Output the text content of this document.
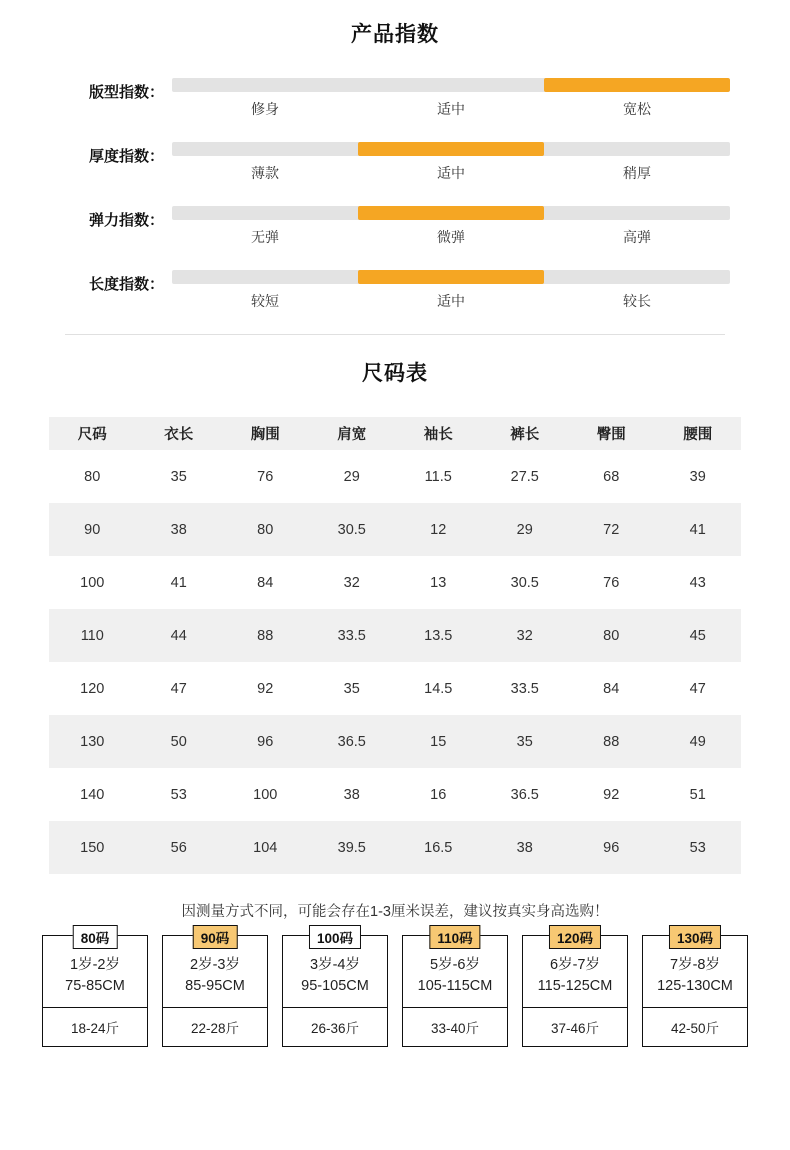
产品指数
版型指数：
修身	适中	宽松
厚度指数：
薄款	适中	稍厚
弹力指数：
无弹	微弹	高弹
长度指数：
较短	适中	较长
尺码表
尺码	衣长	胸围	肩宽	袖长	裤长	臀围	腰围
80	35	76	29	11.5	27.5	68	39
90	38	80	30.5	12	29	72	41
100	41	84	32	13	30.5	76	43
110	44	88	33.5	13.5	32	80	45
120	47	92	35	14.5	33.5	84	47
130	50	96	36.5	15	35	88	49
140	53	100	38	16	36.5	92	51
150	56	104	39.5	16.5	38	96	53

因测量方式不同，可能会存在1-3厘米误差，建议按真实身高选购！

80码
1岁-2岁
75-85CM
18-24斤
90码
2岁-3岁
85-95CM
22-28斤
100码
3岁-4岁
95-105CM
26-36斤
110码
5岁-6岁
105-115CM
33-40斤
120码
6岁-7岁
115-125CM
37-46斤
130码
7岁-8岁
125-130CM
42-50斤
